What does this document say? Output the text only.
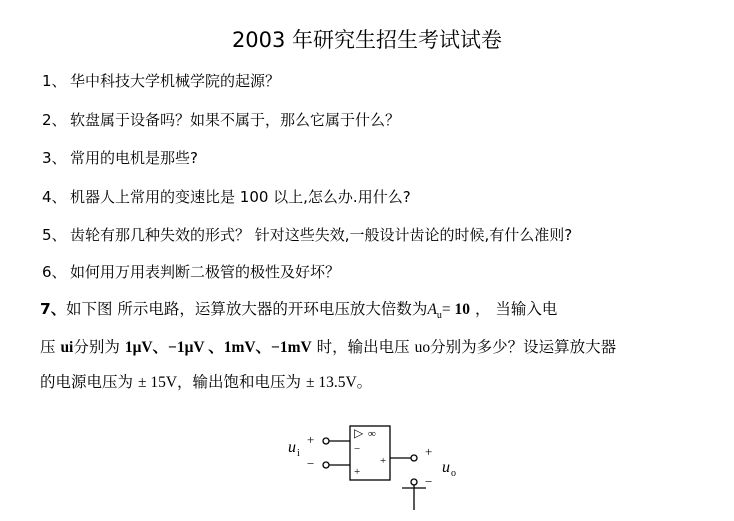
2003 年研究生招生考试试卷
1、 华中科技大学机械学院的起源？
2、 软盘属于设备吗？如果不属于，那么它属于什么？
3、 常用的电机是那些?
4、 机器人上常用的变速比是 100 以上,怎么办.用什么?
5、 齿轮有那几种失效的形式？ 针对这些失效,一般设计齿论的时候,有什么准则?
6、 如何用万用表判断二极管的极性及好坏？
7、如下图 所示电路，运算放大器的开环电压放大倍数为$A_u= 10$ ， 当输入电
压 ui分别为 1μV、−1μV 、1mV、−1mV 时，输出电压 uo分别为多少？设运算放大器
的电源电压为 ± 15V，输出饱和电压为 ± 13.5V。
u i
+
−
▷ ∞
−
+
+
+
−
u o
